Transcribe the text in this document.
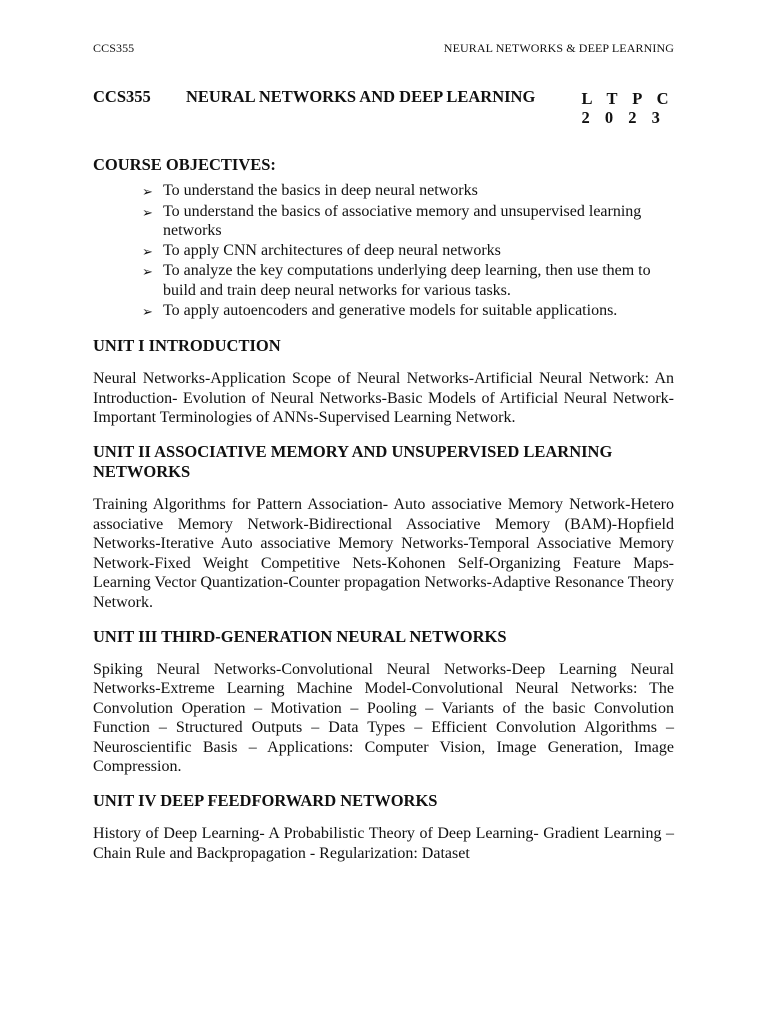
CCS355	NEURAL NETWORKS & DEEP LEARNING
CCS355	NEURAL NETWORKS AND DEEP LEARNING	L T P C
2 0 2 3
COURSE OBJECTIVES:
➢ To understand the basics in deep neural networks
➢ To understand the basics of associative memory and unsupervised learning networks
➢ To apply CNN architectures of deep neural networks
➢ To analyze the key computations underlying deep learning, then use them to build and train deep neural networks for various tasks.
➢ To apply autoencoders and generative models for suitable applications.
UNIT I INTRODUCTION

Neural Networks-Application Scope of Neural Networks-Artificial Neural Network: An Introduction- Evolution of Neural Networks-Basic Models of Artificial Neural Network- Important Terminologies of ANNs-Supervised Learning Network.

UNIT II ASSOCIATIVE MEMORY AND UNSUPERVISED LEARNING NETWORKS

Training Algorithms for Pattern Association- Auto associative Memory Network-Hetero associative Memory Network-Bidirectional Associative Memory (BAM)-Hopfield Networks-Iterative Auto associative Memory Networks-Temporal Associative Memory Network-Fixed Weight Competitive Nets-Kohonen Self-Organizing Feature Maps-Learning Vector Quantization-Counter propagation Networks-Adaptive Resonance Theory Network.

UNIT III THIRD-GENERATION NEURAL NETWORKS

Spiking Neural Networks-Convolutional Neural Networks-Deep Learning Neural Networks-Extreme Learning Machine Model-Convolutional Neural Networks: The Convolution Operation – Motivation – Pooling – Variants of the basic Convolution Function – Structured Outputs – Data Types – Efficient Convolution Algorithms – Neuroscientific Basis – Applications: Computer Vision, Image Generation, Image Compression.

UNIT IV DEEP FEEDFORWARD NETWORKS

History of Deep Learning- A Probabilistic Theory of Deep Learning- Gradient Learning – Chain Rule and Backpropagation - Regularization: Dataset
